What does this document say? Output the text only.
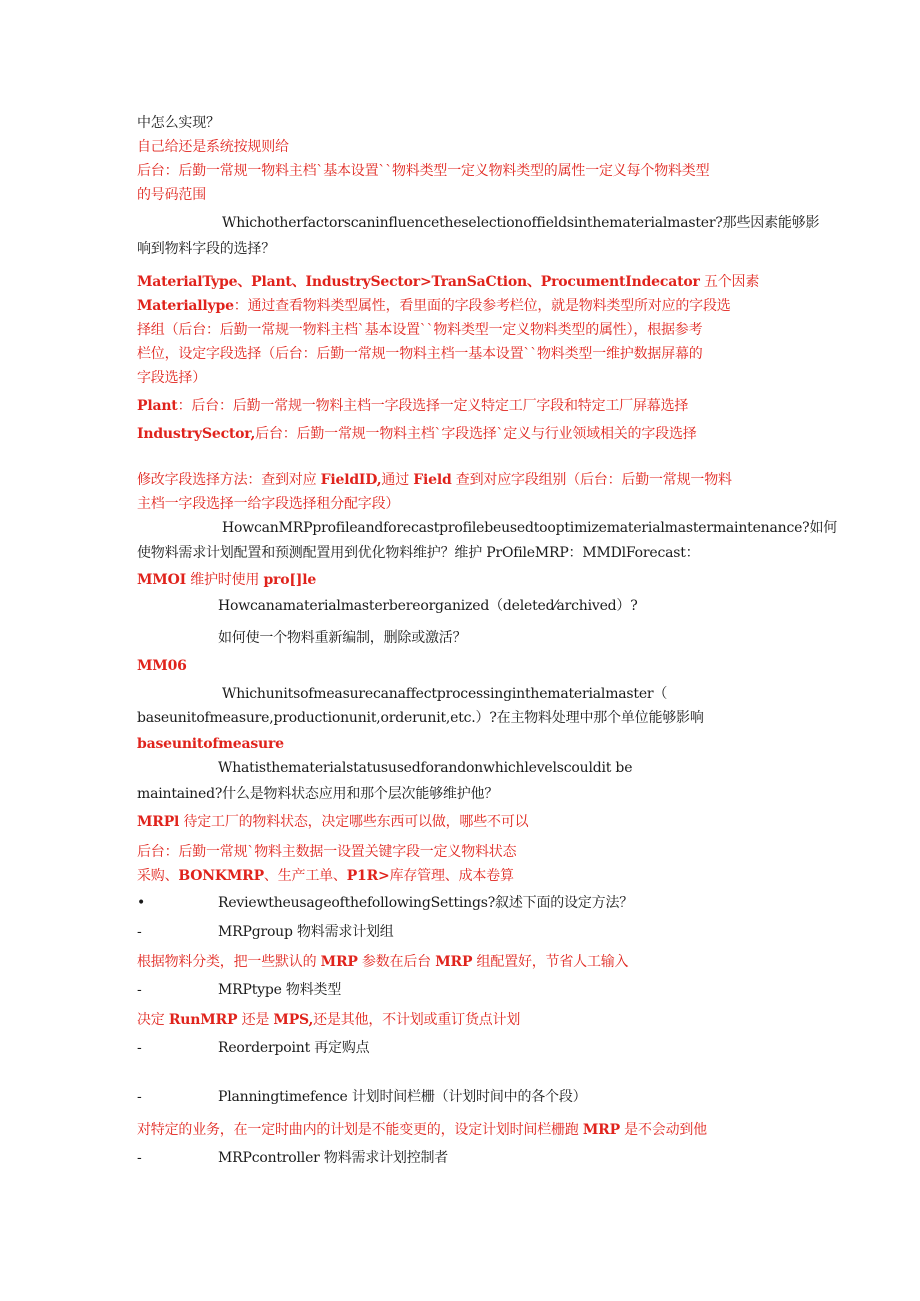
中怎么实现？
自己给还是系统按规则给
后台：后勤一常规一物料主档`基本设置``物料类型一定义物料类型的属性一定义每个物料类型
的号码范围
Whichotherfactorscaninfluencetheselectionoffieldsinthematerialmaster?那些因素能够影
响到物料字段的选择？
MaterialType、Plant、IndustrySector>TranSaCtion、ProcumentIndecator 五个因素
Materiallype：通过查看物料类型属性，看里面的字段参考栏位，就是物料类型所对应的字段选
择组（后台：后勤一常规一物料主档`基本设置``物料类型一定义物料类型的属性），根据参考
栏位，设定字段选择（后台：后勤一常规一物料主档一基本设置``物料类型一维护数据屏幕的
字段选择）
Plant：后台：后勤一常规一物料主档一字段选择一定义特定工厂字段和特定工厂屏幕选择
IndustrySector,后台：后勤一常规一物料主档`字段选择`定义与行业领域相关的字段选择
修改字段选择方法：查到对应 FieldID,通过 Field 查到对应字段组别（后台：后勤一常规一物料
主档一字段选择一给字段选择租分配字段）
HowcanMRPprofileandforecastprofilebeusedtooptimizematerialmastermaintenance?如何
使物料需求计划配置和预测配置用到优化物料维护？维护 PrOfileMRP：MMDlForecast：
MMOI 维护时使用 pro[]le
Howcanamaterialmasterbereorganized（deleted⁄archived）?
如何使一个物料重新编制，删除或激活？
MM06
Whichunitsofmeasurecanaffectprocessinginthematerialmaster（
baseunitofmeasure,productionunit,orderunit,etc.）?在主物料处理中那个单位能够影响
baseunitofmeasure
Whatisthematerialstatususedforandonwhichlevelscouldit be
maintained?什么是物料状态应用和那个层次能够维护他？
MRPl 待定工厂的物料状态，决定哪些东西可以做，哪些不可以
后台：后勤一常规`物料主数据一设置关键字段一定义物料状态
采购、BONKMRP、生产工单、P1R>库存管理、成本卷算
•	ReviewtheusageofthefollowingSettings?叙述下面的设定方法？
-	MRPgroup 物料需求计划组
根据物料分类，把一些默认的 MRP 参数在后台 MRP 组配置好，节省人工输入
-	MRPtype 物料类型
决定 RunMRP 还是 MPS,还是其他，不计划或重订货点计划
-	Reorderpoint 再定购点
-	Planningtimefence 计划时间栏栅（计划时间中的各个段）
对特定的业务，在一定时曲内的计划是不能变更的，设定计划时间栏栅跑 MRP 是不会动到他
-	MRPcontroller 物料需求计划控制者
